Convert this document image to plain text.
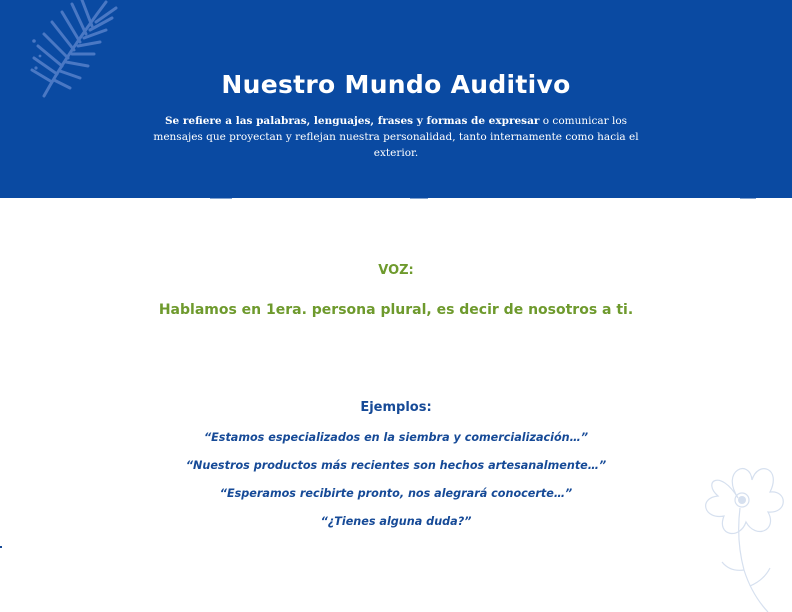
Nuestro Mundo Auditivo
Se refiere a las palabras, lenguajes, frases y formas de expresar o comunicar los mensajes que proyectan y reflejan nuestra personalidad, tanto internamente como hacia el exterior.
VOZ:
Hablamos en 1era. persona plural, es decir de nosotros a ti.
Ejemplos:
“Estamos especializados en la siembra y comercialización…”
“Nuestros productos más recientes son hechos artesanalmente…”
“Esperamos recibirte pronto, nos alegrará conocerte…”
“¿Tienes alguna duda?”
